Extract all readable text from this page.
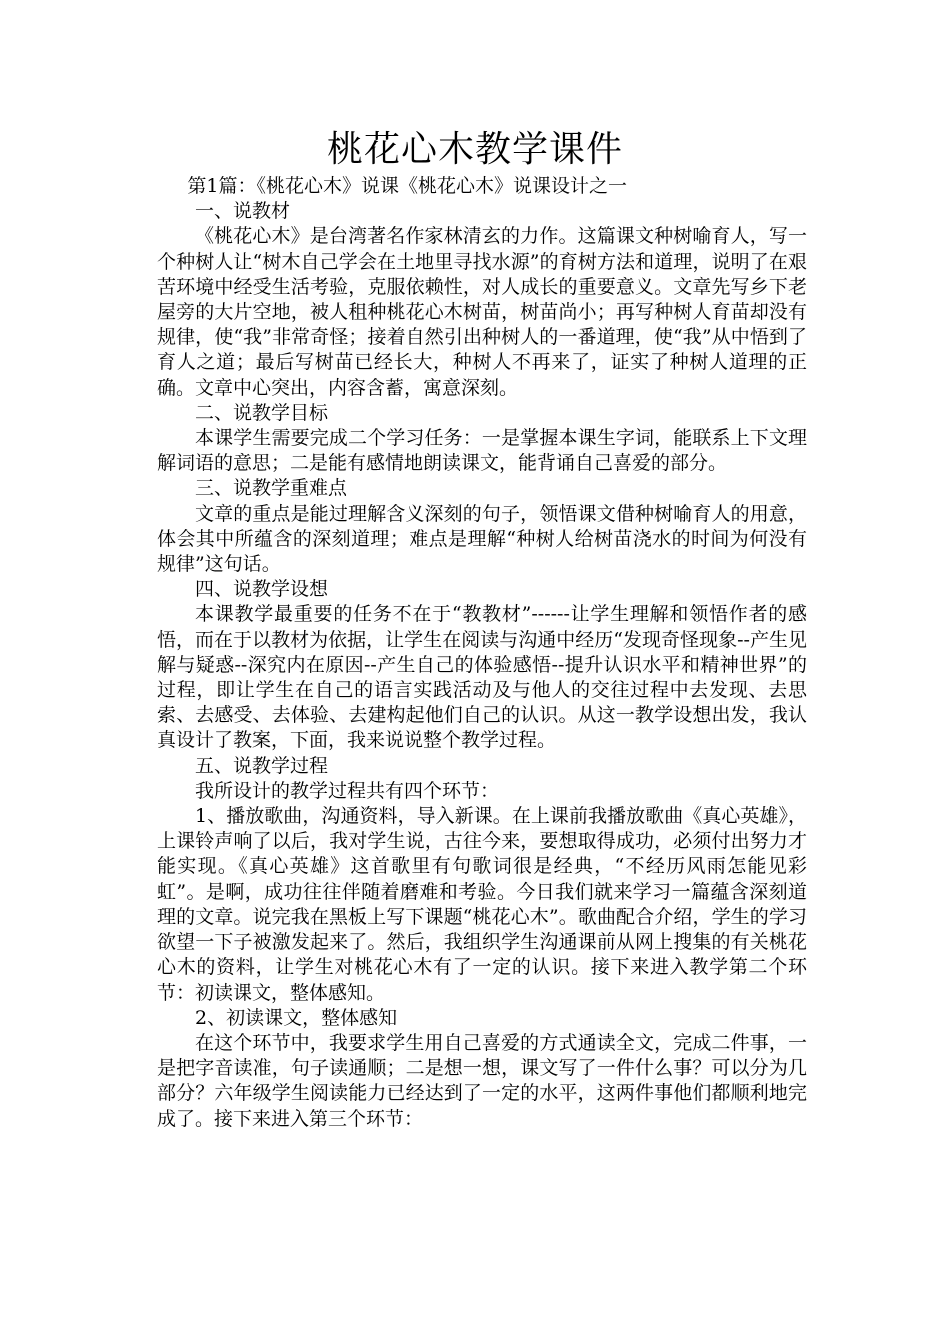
桃花心木教学课件

第1篇：《桃花心木》说课《桃花心木》说课设计之一

一、说教材

《桃花心木》是台湾著名作家林清玄的力作。这篇课文种树喻育人，写一个种树人让“树木自己学会在土地里寻找水源”的育树方法和道理，说明了在艰苦环境中经受生活考验，克服依赖性，对人成长的重要意义。文章先写乡下老屋旁的大片空地，被人租种桃花心木树苗，树苗尚小；再写种树人育苗却没有规律，使“我”非常奇怪；接着自然引出种树人的一番道理，使“我”从中悟到了育人之道；最后写树苗已经长大，种树人不再来了，证实了种树人道理的正确。文章中心突出，内容含蓄，寓意深刻。

二、说教学目标

本课学生需要完成二个学习任务：一是掌握本课生字词，能联系上下文理解词语的意思；二是能有感情地朗读课文，能背诵自己喜爱的部分。

三、说教学重难点

文章的重点是能过理解含义深刻的句子，领悟课文借种树喻育人的用意，体会其中所蕴含的深刻道理；难点是理解“种树人给树苗浇水的时间为何没有规律”这句话。

四、说教学设想

本课教学最重要的任务不在于“教教材”------让学生理解和领悟作者的感悟，而在于以教材为依据，让学生在阅读与沟通中经历“发现奇怪现象--产生见解与疑惑--深究内在原因--产生自己的体验感悟--提升认识水平和精神世界”的过程，即让学生在自己的语言实践活动及与他人的交往过程中去发现、去思索、去感受、去体验、去建构起他们自己的认识。从这一教学设想出发，我认真设计了教案，下面，我来说说整个教学过程。

五、说教学过程

我所设计的教学过程共有四个环节：

1、播放歌曲，沟通资料，导入新课。在上课前我播放歌曲《真心英雄》，上课铃声响了以后，我对学生说，古往今来，要想取得成功，必须付出努力才能实现。《真心英雄》这首歌里有句歌词很是经典，“不经历风雨怎能见彩虹”。是啊，成功往往伴随着磨难和考验。今日我们就来学习一篇蕴含深刻道理的文章。说完我在黑板上写下课题“桃花心木”。歌曲配合介绍，学生的学习欲望一下子被激发起来了。然后，我组织学生沟通课前从网上搜集的有关桃花心木的资料，让学生对桃花心木有了一定的认识。接下来进入教学第二个环节：初读课文，整体感知。

2、初读课文，整体感知

在这个环节中，我要求学生用自己喜爱的方式通读全文，完成二件事，一是把字音读准，句子读通顺；二是想一想，课文写了一件什么事？可以分为几部分？六年级学生阅读能力已经达到了一定的水平，这两件事他们都顺利地完成了。接下来进入第三个环节：
